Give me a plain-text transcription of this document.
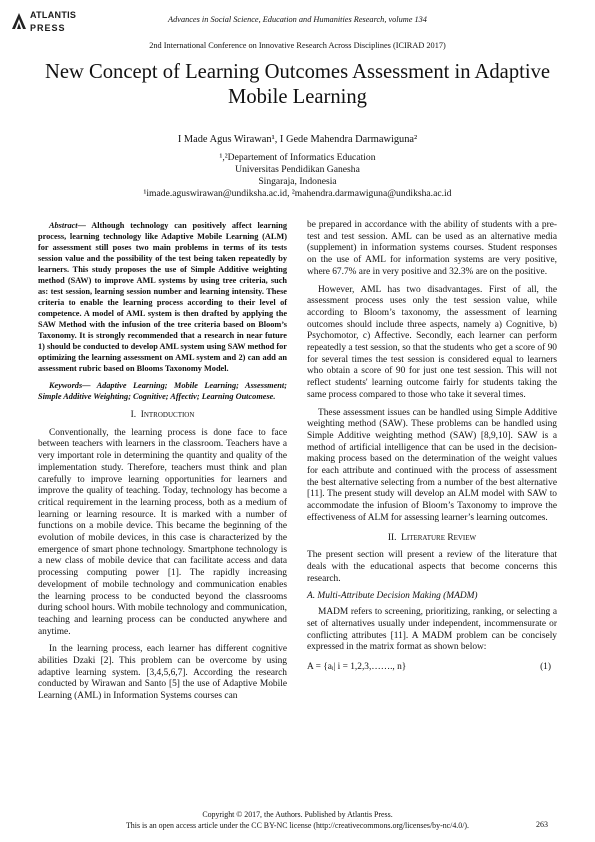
ATLANTIS
PRESS
Advances in Social Science, Education and Humanities Research, volume 134
2nd International Conference on Innovative Research Across Disciplines (ICIRAD 2017)
New Concept of Learning Outcomes Assessment in Adaptive Mobile Learning
I Made Agus Wirawan¹, I Gede Mahendra Darmawiguna²
¹,²Departement of Informatics Education
Universitas Pendidikan Ganesha
Singaraja, Indonesia
¹imade.aguswirawan@undiksha.ac.id, ²mahendra.darmawiguna@undiksha.ac.id

Abstract— Although technology can positively affect learning process, learning technology like Adaptive Mobile Learning (ALM) for assessment still poses two main problems in terms of its tests session value and the possibility of the test being taken repeatedly by learners. This study proposes the use of Simple Additive weighting method (SAW) to improve AML systems by using tree criteria, such as: test session, learning session number and learning intensity. These criteria to enable the learning process according to their level of competence. A model of AML system is then drafted by applying the SAW Method with the infusion of the tree criteria based on Bloom’s Taxonomy. It is strongly recommended that a research in near future 1) should be conducted to develop AML system using SAW method for optimizing the learning assessment on AML system and 2) can add an assessment rubric based on Blooms Taxonomy Model.

Keywords— Adaptive Learning; Mobile Learning; Assessment; Simple Additive Weighting; Cognitive; Affectiv; Learning Outcomese.

I. Introduction

Conventionally, the learning process is done face to face between teachers with learners in the classroom. Teachers have a very important role in determining the quantity and quality of the implementation study. Therefore, teachers must think and plan carefully to improve learning opportunities for learners and improve the quality of teaching. Today, technology has become a critical requirement in the learning process, both as a medium of learning or learning resource. It is marked with a number of functions on a mobile device. This became the beginning of the evolution of mobile devices, in this case is characterized by the emergence of smart phone technology. Smartphone technology is a new class of mobile device that can facilitate access and data processing computing power [1]. The rapidly increasing development of mobile technology and communication enables the learning process to be conducted beyond the classrooms during school hours. With mobile technology and communication, teaching and learning process can be conducted anywhere and anytime.

In the learning process, each learner has different cognitive abilities Dzaki [2]. This problem can be overcome by using adaptive learning system. [3,4,5,6,7]. According the research conducted by Wirawan and Santo [5] the use of Adaptive Mobile Learning (AML) in Information Systems courses can

be prepared in accordance with the ability of students with a pre-test and test session. AML can be used as an alternative media (supplement) in information systems courses. Student responses on the use of AML for information systems are very positive, where 67.7% are in very positive and 32.3% are on the positive.

However, AML has two disadvantages. First of all, the assessment process uses only the test session value, while according to Bloom’s taxonomy, the assessment of learning outcomes should include three aspects, namely a) Cognitive, b) Psychomotor, c) Affective. Secondly, each learner can perform repeatedly a test session, so that the students who get a score of 90 for several times the test session is considered equal to learners who obtain a score of 90 for just one test session. This will not reflect students' learning outcome fairly for students taking the same process compared to those who take it several times.

These assessment issues can be handled using Simple Additive weighting method (SAW). These problems can be handled using Simple Additive weighting method (SAW) [8,9,10]. SAW is a method of artificial intelligence that can be used in the decision-making process based on the determination of the weight values for each attribute and continued with the process of assessment the best alternative selecting from a number of the best alternative [11]. The present study will develop an ALM model with SAW to accommodate the infusion of Bloom’s Taxonomy to improve the effectiveness of ALM for assessing learner’s learning outcomes.

II. Literature Review

The present section will present a review of the literature that deals with the educational aspects that become concerns this research.

A. Multi-Attribute Decision Making (MADM)

MADM refers to screening, prioritizing, ranking, or selecting a set of alternatives usually under independent, incommensurate or conflicting attributes [11]. A MADM problem can be concisely expressed in the matrix format as shown below:

A = {aᵢ| i = 1,2,3,……., n}	(1)
Copyright © 2017, the Authors. Published by Atlantis Press.
This is an open access article under the CC BY-NC license (http://creativecommons.org/licenses/by-nc/4.0/).	263
